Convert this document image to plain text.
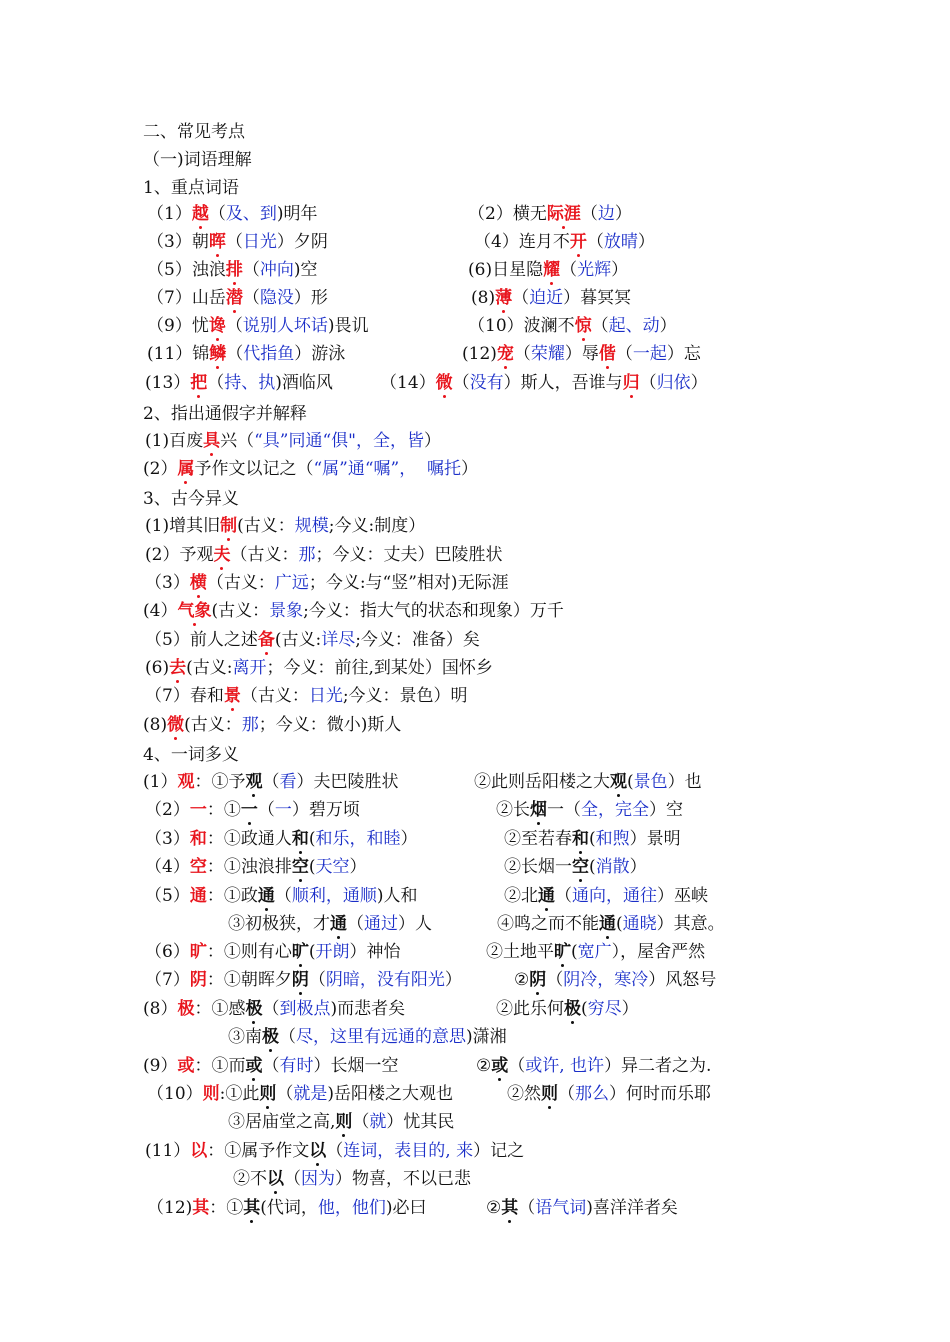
二、常见考点
（一)词语理解
1、重点词语
（1）越（及、到)明年	（2）横无际涯（边）
（3）朝晖（日光）夕阴	（4）连月不开（放晴）
（5）浊浪排（冲向)空	(6)日星隐耀（光辉）
（7）山岳潜（隐没）形	(8)薄（迫近）暮冥冥
（9）忧谗（说别人坏话)畏讥	（10）波澜不惊（起、动）
(11）锦鳞（代指鱼）游泳	(12)宠（荣耀）辱偕（一起）忘
(13）把（持、执)酒临风	（14）微（没有）斯人，吾谁与归（归依）
2、指出通假字并解释
(1)百废具兴（“具”同通“俱"，全，皆）
(2）属予作文以记之（“属”通“嘱”，  嘱托）
3、古今异义
(1)增其旧制(古义：规模;今义:制度）
(2）予观夫（古义：那；今义：丈夫）巴陵胜状
（3）横（古义：广远；今义:与“竖”相对)无际涯
(4）气象(古义：景象;今义：指大气的状态和现象）万千
（5）前人之述备(古义:详尽;今义：准备）矣
(6)去(古义:离开；今义：前往,到某处）国怀乡
（7）春和景（古义：日光;今义：景色）明
(8)微(古义：那；今义：微小)斯人
4、一词多义
(1）观：①予观（看）夫巴陵胜状	②此则岳阳楼之大观(景色）也
（2）一：①一（一）碧万顷	②长烟一（全，完全）空
（3）和：①政通人和(和乐，和睦）	②至若春和(和煦）景明
（4）空：①浊浪排空(天空）	②长烟一空(消散）
（5）通：①政通（顺利，通顺)人和	②北通（通向，通往）巫峡
③初极狭，才通（通过）人	④鸣之而不能通(通晓）其意。
（6）旷：①则有心旷(开朗）神怡	②土地平旷(宽广），屋舍严然
（7）阴：①朝晖夕阴（阴暗，没有阳光）	②阴（阴冷，寒冷）风怒号
(8）极：①感极（到极点)而悲者矣	②此乐何极(穷尽）
③南极（尽，这里有远通的意思)潇湘
(9）或：①而或（有时）长烟一空	②或（或许, 也许）异二者之为.
（10）则:①此则（就是)岳阳楼之大观也	②然则（那么）何时而乐耶
③居庙堂之高,则（就）忧其民
(11）以：①属予作文以（连词，表目的, 来）记之
②不以（因为）物喜，不以已悲
（12)其：①其(代词，他，他们)必曰	②其（语气词)喜洋洋者矣
